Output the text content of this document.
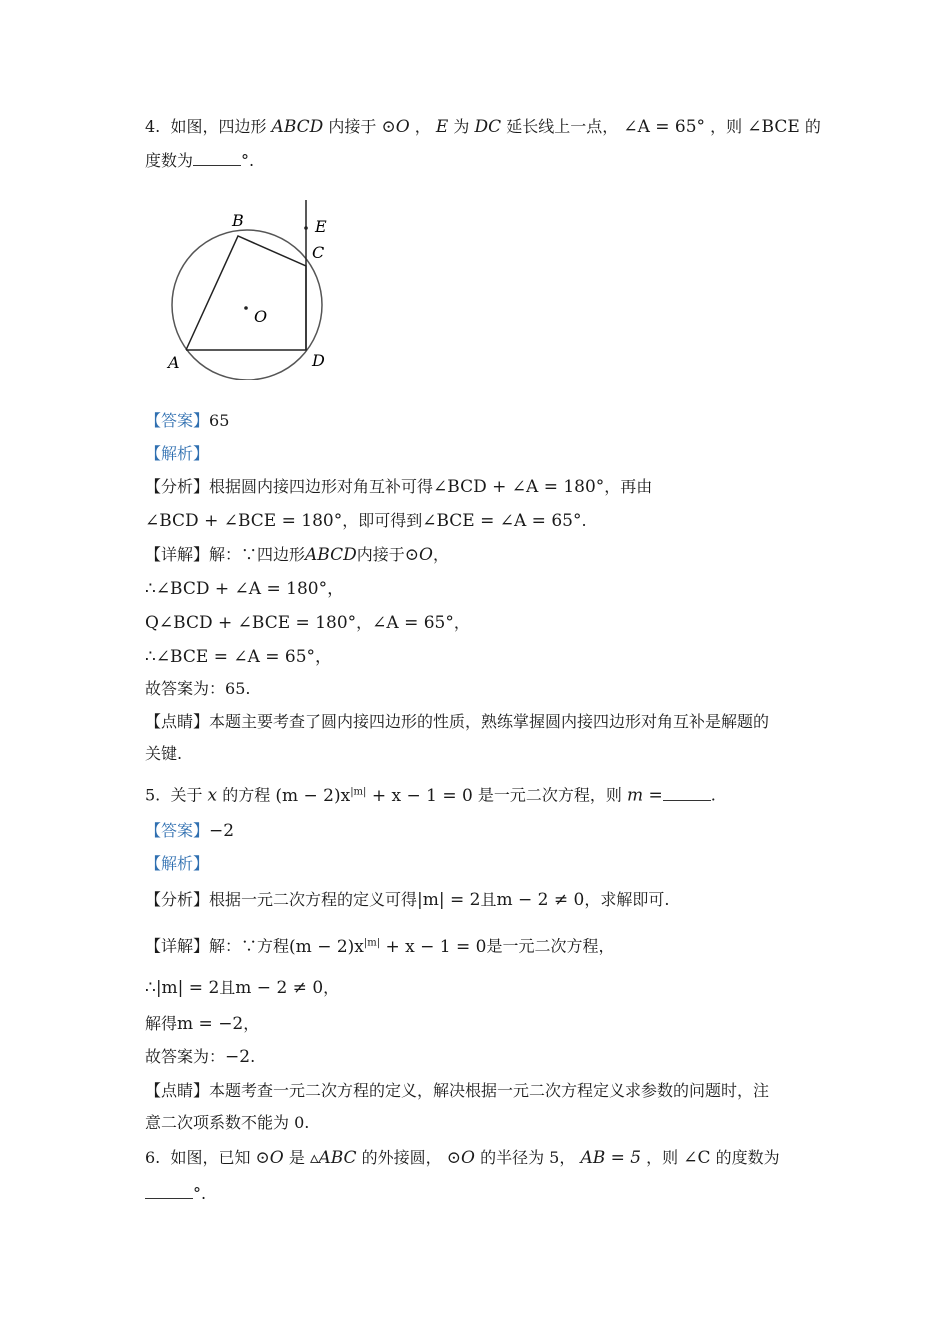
4. 如图，四边形 ABCD 内接于 ⊙O ， E 为 DC 延长线上一点， ∠A = 65° ，则 ∠BCE 的

度数为	°.

B	E
C
O
A	D

【答案】65

【解析】

【分析】根据圆内接四边形对角互补可得∠BCD + ∠A = 180°，再由

∠BCD + ∠BCE = 180°，即可得到∠BCE = ∠A = 65°.

【详解】解：∵四边形ABCD内接于⊙O，

∴∠BCD + ∠A = 180°，

Q∠BCD + ∠BCE = 180°，∠A = 65°，

∴∠BCE = ∠A = 65°，

故答案为：65.

【点睛】本题主要考查了圆内接四边形的性质，熟练掌握圆内接四边形对角互补是解题的

关键.

5. 关于 x 的方程 $(m - 2)x^{|m|} + x - 1 = 0$ 是一元二次方程，则 m =	.

【答案】−2

【解析】

【分析】根据一元二次方程的定义可得|m| = 2且m − 2 ≠ 0，求解即可.

【详解】解：∵方程$(m - 2)x^{|m|} + x - 1 = 0$是一元二次方程，

∴|m| = 2且m − 2 ≠ 0，

解得m = −2，

故答案为：−2.

【点睛】本题考查一元二次方程的定义，解决根据一元二次方程定义求参数的问题时，注

意二次项系数不能为 0.

6. 如图，已知 ⊙O 是 ▵ABC 的外接圆， ⊙O 的半径为 5， AB = 5 ，则 ∠C 的度数为

°.
